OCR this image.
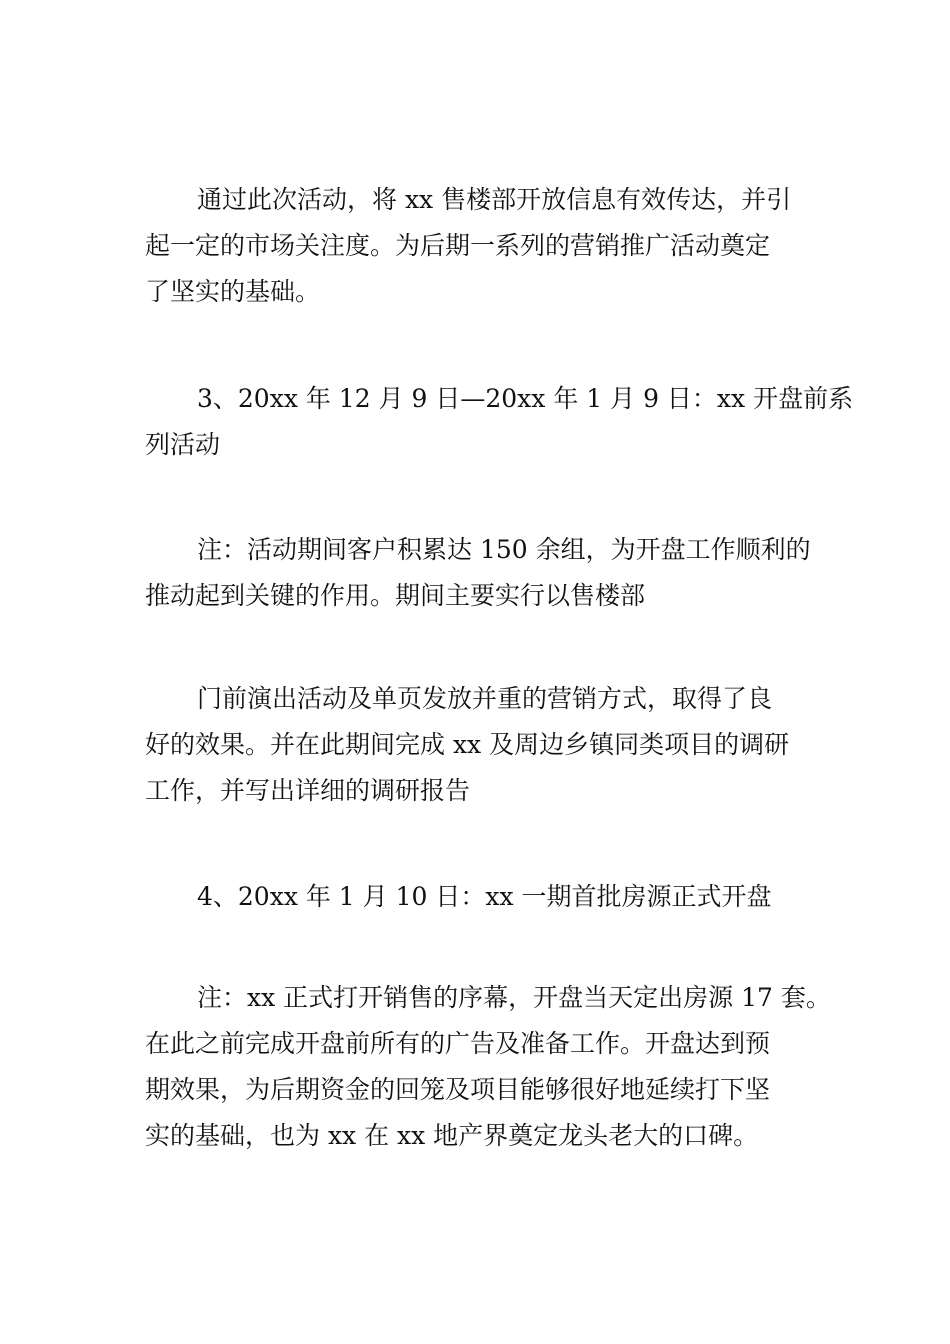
通过此次活动，将 xx 售楼部开放信息有效传达，并引
起一定的市场关注度。为后期一系列的营销推广活动奠定
了坚实的基础。
3、20xx 年 12 月 9 日—20xx 年 1 月 9 日：xx 开盘前系
列活动
注：活动期间客户积累达 150 余组，为开盘工作顺利的
推动起到关键的作用。期间主要实行以售楼部
门前演出活动及单页发放并重的营销方式，取得了良
好的效果。并在此期间完成 xx 及周边乡镇同类项目的调研
工作，并写出详细的调研报告
4、20xx 年 1 月 10 日：xx 一期首批房源正式开盘
注：xx 正式打开销售的序幕，开盘当天定出房源 17 套。
在此之前完成开盘前所有的广告及准备工作。开盘达到预
期效果，为后期资金的回笼及项目能够很好地延续打下坚
实的基础，也为 xx 在 xx 地产界奠定龙头老大的口碑。
